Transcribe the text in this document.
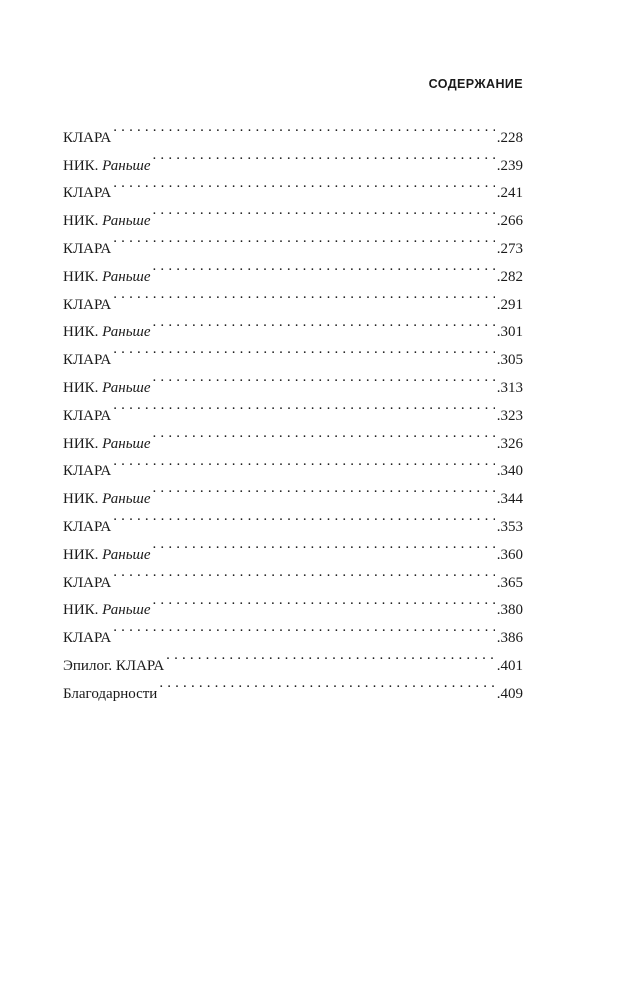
СОДЕРЖАНИЕ
КЛАРА . . .	.228
НИК. Раньше . . .	.239
КЛАРА . . .	.241
НИК. Раньше . . .	.266
КЛАРА . . .	.273
НИК. Раньше . . .	.282
КЛАРА . . .	.291
НИК. Раньше . . .	.301
КЛАРА . . .	.305
НИК. Раньше . . .	.313
КЛАРА . . .	.323
НИК. Раньше . . .	.326
КЛАРА . . .	.340
НИК. Раньше . . .	.344
КЛАРА . . .	.353
НИК. Раньше . . .	.360
КЛАРА . . .	.365
НИК. Раньше . . .	.380
КЛАРА . . .	.386
Эпилог. КЛАРА . . .	.401
Благодарности . . .	.409
